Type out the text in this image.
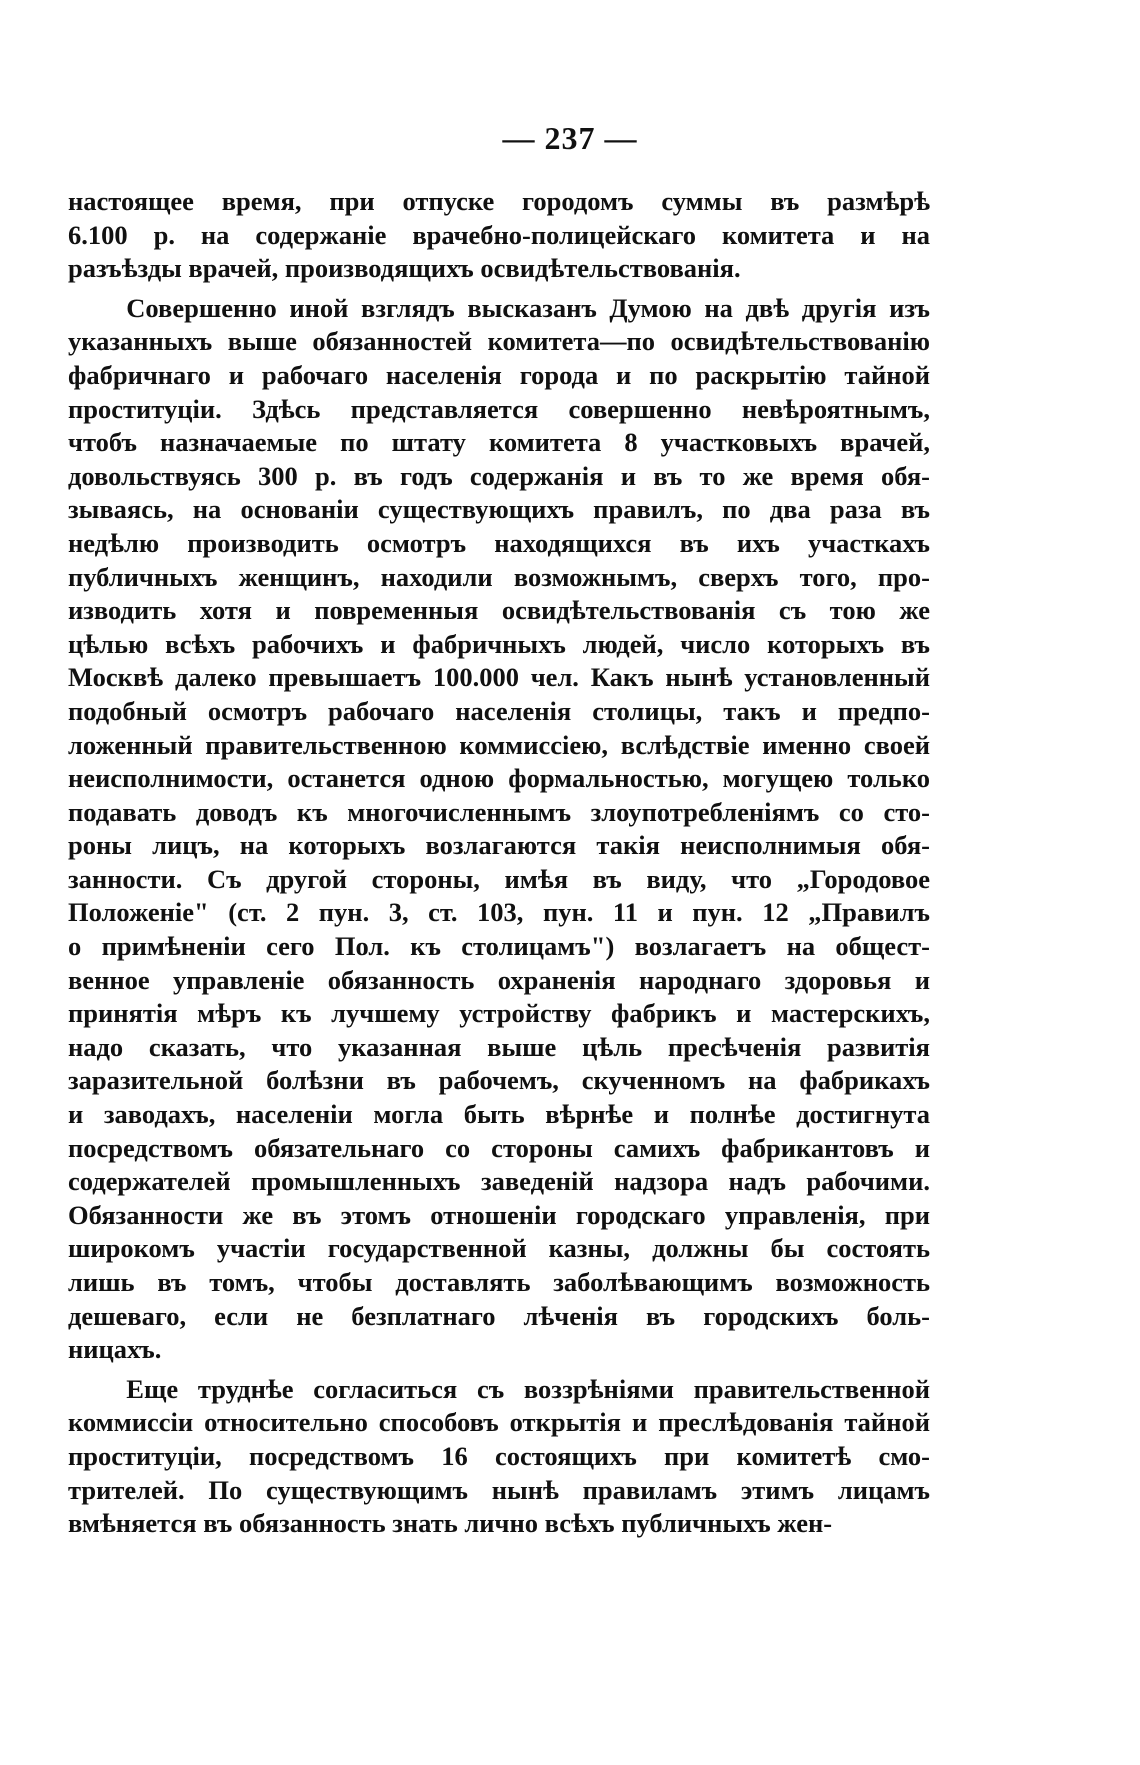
— 237 —
настоящее время, при отпуске городомъ суммы въ размѣрѣ
6.100 р. на содержаніе врачебно-полицейскаго комитета и на
разъѣзды врачей, производящихъ освидѣтельствованія.
Совершенно иной взглядъ высказанъ Думою на двѣ другія изъ
указанныхъ выше обязанностей комитета—по освидѣтельствованію
фабричнаго и рабочаго населенія города и по раскрытію тайной
проституціи. Здѣсь представляется совершенно невѣроятнымъ,
чтобъ назначаемые по штату комитета 8 участковыхъ врачей,
довольствуясь 300 р. въ годъ содержанія и въ то же время обя-
зываясь, на основаніи существующихъ правилъ, по два раза въ
недѣлю производить осмотръ находящихся въ ихъ участкахъ
публичныхъ женщинъ, находили возможнымъ, сверхъ того, про-
изводить хотя и повременныя освидѣтельствованія съ тою же
цѣлью всѣхъ рабочихъ и фабричныхъ людей, число которыхъ въ
Москвѣ далеко превышаетъ 100.000 чел. Какъ нынѣ установленный
подобный осмотръ рабочаго населенія столицы, такъ и предпо-
ложенный правительственною коммиссіею, вслѣдствіе именно своей
неисполнимости, останется одною формальностью, могущею только
подавать доводъ къ многочисленнымъ злоупотребленіямъ со сто-
роны лицъ, на которыхъ возлагаются такія неисполнимыя обя-
занности. Съ другой стороны, имѣя въ виду, что „Городовое
Положеніе" (ст. 2 пун. 3, ст. 103, пун. 11 и пун. 12 „Правилъ
о примѣненіи сего Пол. къ столицамъ") возлагаетъ на общест-
венное управленіе обязанность охраненія народнаго здоровья и
принятія мѣръ къ лучшему устройству фабрикъ и мастерскихъ,
надо сказать, что указанная выше цѣль пресѣченія развитія
заразительной болѣзни въ рабочемъ, скученномъ на фабрикахъ
и заводахъ, населеніи могла быть вѣрнѣе и полнѣе достигнута
посредствомъ обязательнаго со стороны самихъ фабрикантовъ и
содержателей промышленныхъ заведеній надзора надъ рабочими.
Обязанности же въ этомъ отношеніи городскаго управленія, при
широкомъ участіи государственной казны, должны бы состоять
лишь въ томъ, чтобы доставлять заболѣвающимъ возможность
дешеваго, если не безплатнаго лѣченія въ городскихъ боль-
ницахъ.
Еще труднѣе согласиться съ воззрѣніями правительственной
коммиссіи относительно способовъ открытія и преслѣдованія тайной
проституціи, посредствомъ 16 состоящихъ при комитетѣ смо-
трителей. По существующимъ нынѣ правиламъ этимъ лицамъ
вмѣняется въ обязанность знать лично всѣхъ публичныхъ жен-
